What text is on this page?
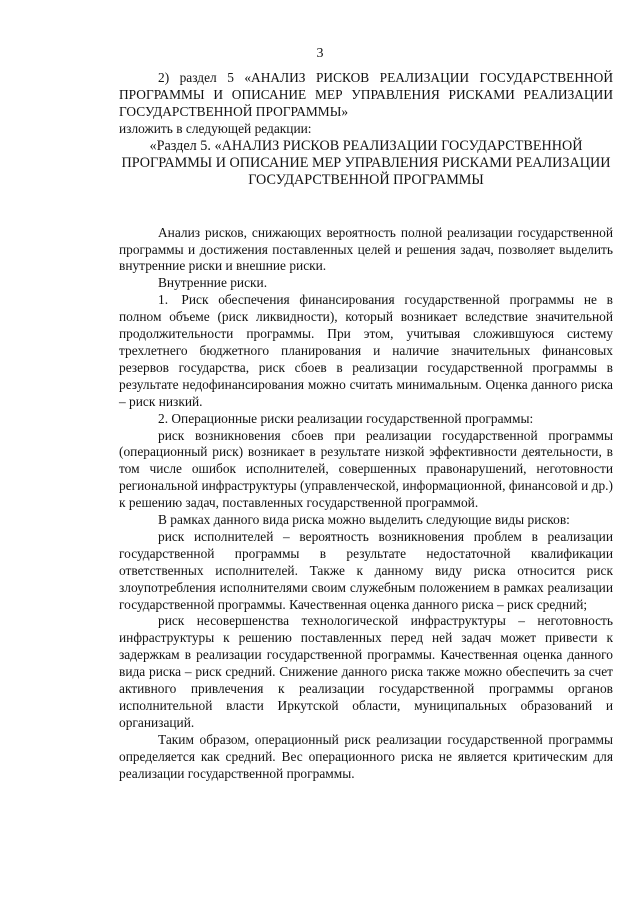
3

2) раздел 5 «АНАЛИЗ РИСКОВ РЕАЛИЗАЦИИ ГОСУДАРСТВЕННОЙ ПРОГРАММЫ И ОПИСАНИЕ МЕР УПРАВЛЕНИЯ РИСКАМИ РЕАЛИЗАЦИИ ГОСУДАРСТВЕННОЙ ПРОГРАММЫ»

изложить в следующей редакции:

«Раздел 5. «АНАЛИЗ РИСКОВ РЕАЛИЗАЦИИ ГОСУДАРСТВЕННОЙ ПРОГРАММЫ И ОПИСАНИЕ МЕР УПРАВЛЕНИЯ РИСКАМИ РЕАЛИЗАЦИИ ГОСУДАРСТВЕННОЙ ПРОГРАММЫ

Анализ рисков, снижающих вероятность полной реализации государственной программы и достижения поставленных целей и решения задач, позволяет выделить внутренние риски и внешние риски.

Внутренние риски.

1. Риск обеспечения финансирования государственной программы не в полном объеме (риск ликвидности), который возникает вследствие значительной продолжительности программы. При этом, учитывая сложившуюся систему трехлетнего бюджетного планирования и наличие значительных финансовых резервов государства, риск сбоев в реализации государственной программы в результате недофинансирования можно считать минимальным. Оценка данного риска – риск низкий.

2. Операционные риски реализации государственной программы:

риск возникновения сбоев при реализации государственной программы (операционный риск) возникает в результате низкой эффективности деятельности, в том числе ошибок исполнителей, совершенных правонарушений, неготовности региональной инфраструктуры (управленческой, информационной, финансовой и др.) к решению задач, поставленных государственной программой.

В рамках данного вида риска можно выделить следующие виды рисков:

риск исполнителей – вероятность возникновения проблем в реализации государственной программы в результате недостаточной квалификации ответственных исполнителей. Также к данному виду риска относится риск злоупотребления исполнителями своим служебным положением в рамках реализации государственной программы. Качественная оценка данного риска – риск средний;

риск несовершенства технологической инфраструктуры – неготовность инфраструктуры к решению поставленных перед ней задач может привести к задержкам в реализации государственной программы. Качественная оценка данного вида риска – риск средний. Снижение данного риска также можно обеспечить за счет активного привлечения к реализации государственной программы органов исполнительной власти Иркутской области, муниципальных образований и организаций.

Таким образом, операционный риск реализации государственной программы определяется как средний. Вес операционного риска не является критическим для реализации государственной программы.
